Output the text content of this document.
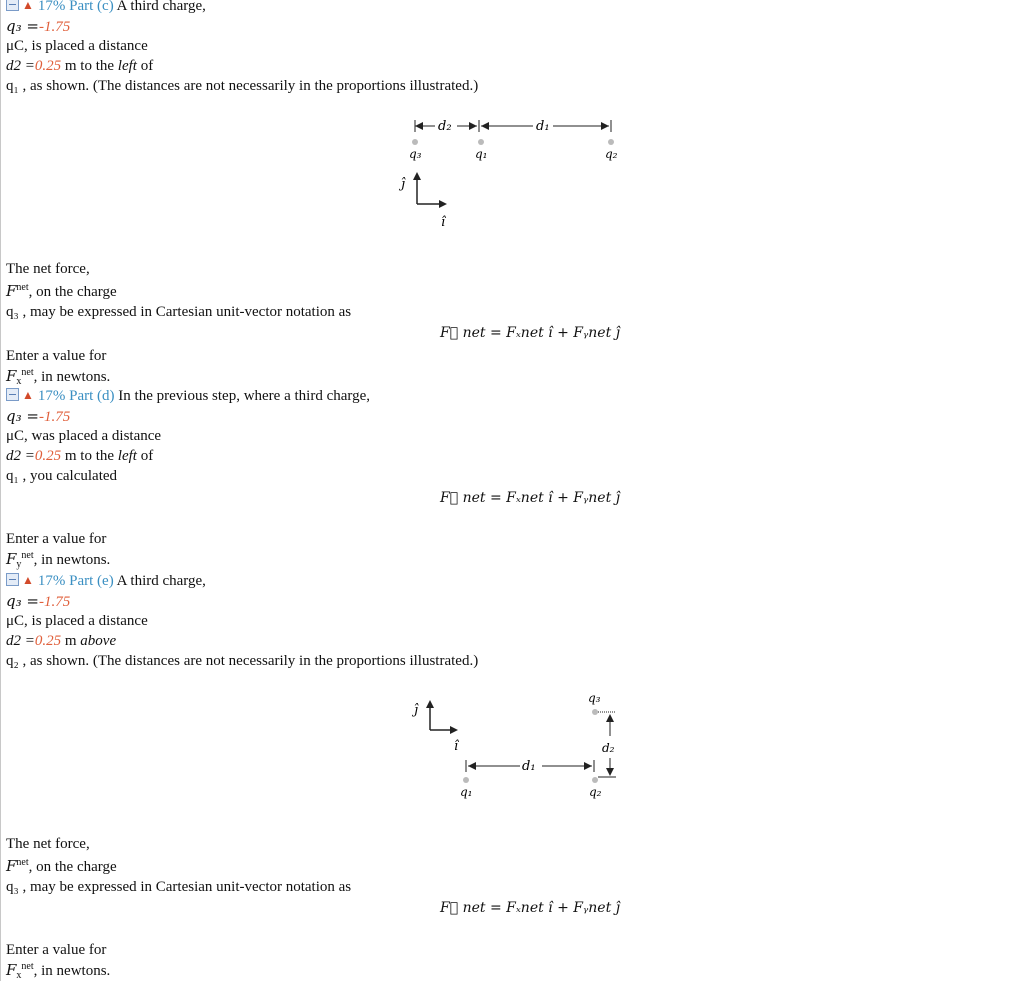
▲ 17% Part (c) A third charge,
q₃ =-1.75
μC, is placed a distance
d2 =0.25 m to the left of
q₁ , as shown. (The distances are not necessarily in the proportions illustrated.)
d₂	d₁
q₃	q₁	q₂
ĵ
î
The net force,
$F^{net}$, on the charge
q₃ , may be expressed in Cartesian unit-vector notation as
F⃗ net = Fₓnet î + Fᵧnet ĵ
Enter a value for
$F_x^{net}$, in newtons.
▲ 17% Part (d) In the previous step, where a third charge,
q₃ =-1.75
μC, was placed a distance
d2 =0.25 m to the left of
q₁ , you calculated
F⃗ net = Fₓnet î + Fᵧnet ĵ
Enter a value for
$F_y^{net}$, in newtons.
▲ 17% Part (e) A third charge,
q₃ =-1.75
μC, is placed a distance
d2 =0.25 m above
q₂ , as shown. (The distances are not necessarily in the proportions illustrated.)
ĵ
î
q₃
d₂
d₁
q₁	q₂
The net force,
$F^{net}$, on the charge
q₃ , may be expressed in Cartesian unit-vector notation as
F⃗ net = Fₓnet î + Fᵧnet ĵ
Enter a value for
$F_x^{net}$, in newtons.
